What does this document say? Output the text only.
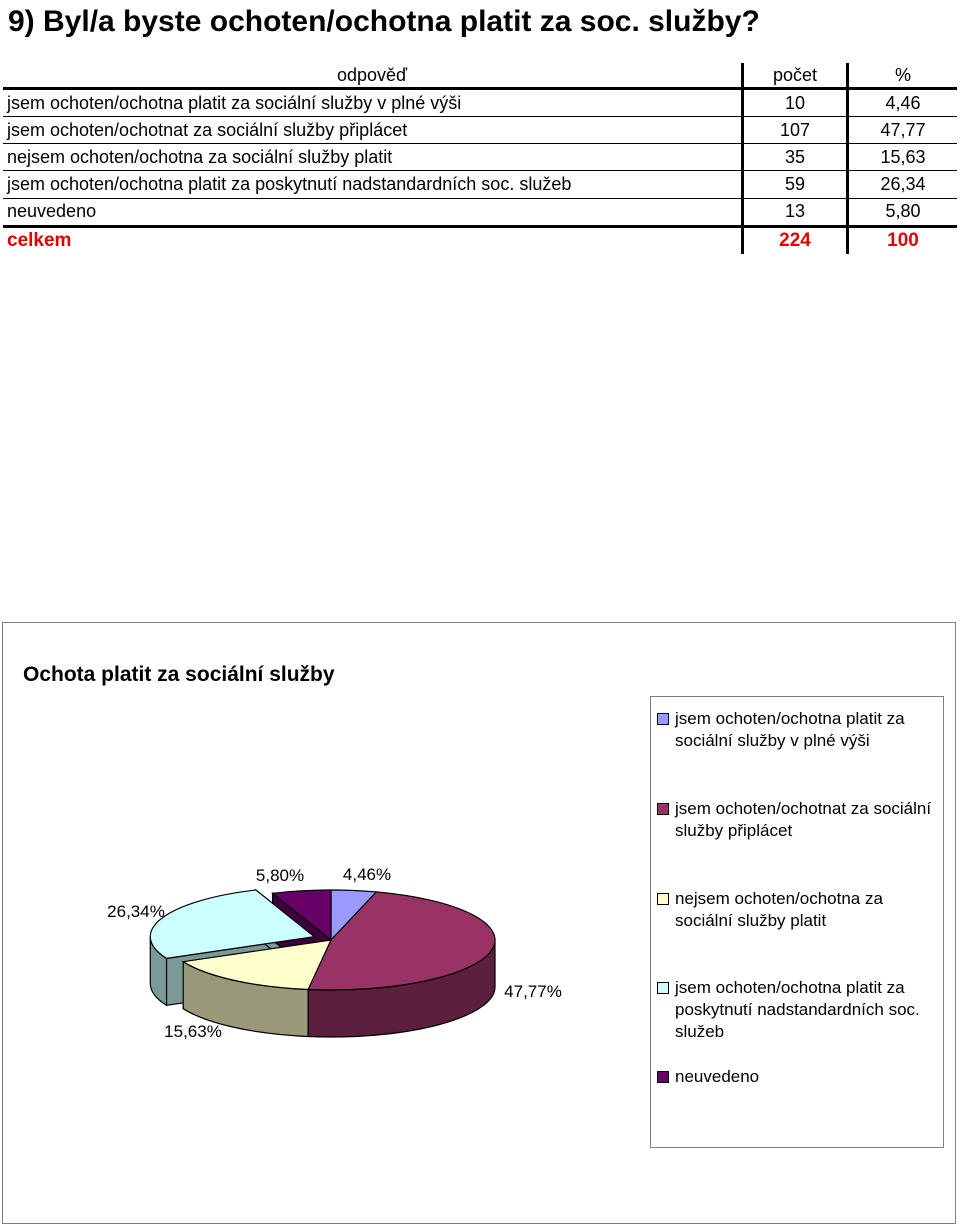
9) Byl/a byste ochoten/ochotna platit za soc. služby?
odpověď	počet	%
jsem ochoten/ochotna platit za sociální služby v plné výši	10	4,46
jsem ochoten/ochotnat za sociální služby připlácet	107	47,77
nejsem ochoten/ochotna za sociální služby platit	35	15,63
jsem ochoten/ochotna platit za poskytnutí nadstandardních soc. služeb	59	26,34
neuvedeno	13	5,80
celkem	224	100
Ochota platit za sociální služby
4,46%
47,77%
15,63%
26,34%
5,80%
jsem ochoten/ochotna platit za sociální služby v plné výši
jsem ochoten/ochotnat za sociální služby připlácet
nejsem ochoten/ochotna za sociální služby platit
jsem ochoten/ochotna platit za poskytnutí nadstandardních soc. služeb
neuvedeno
